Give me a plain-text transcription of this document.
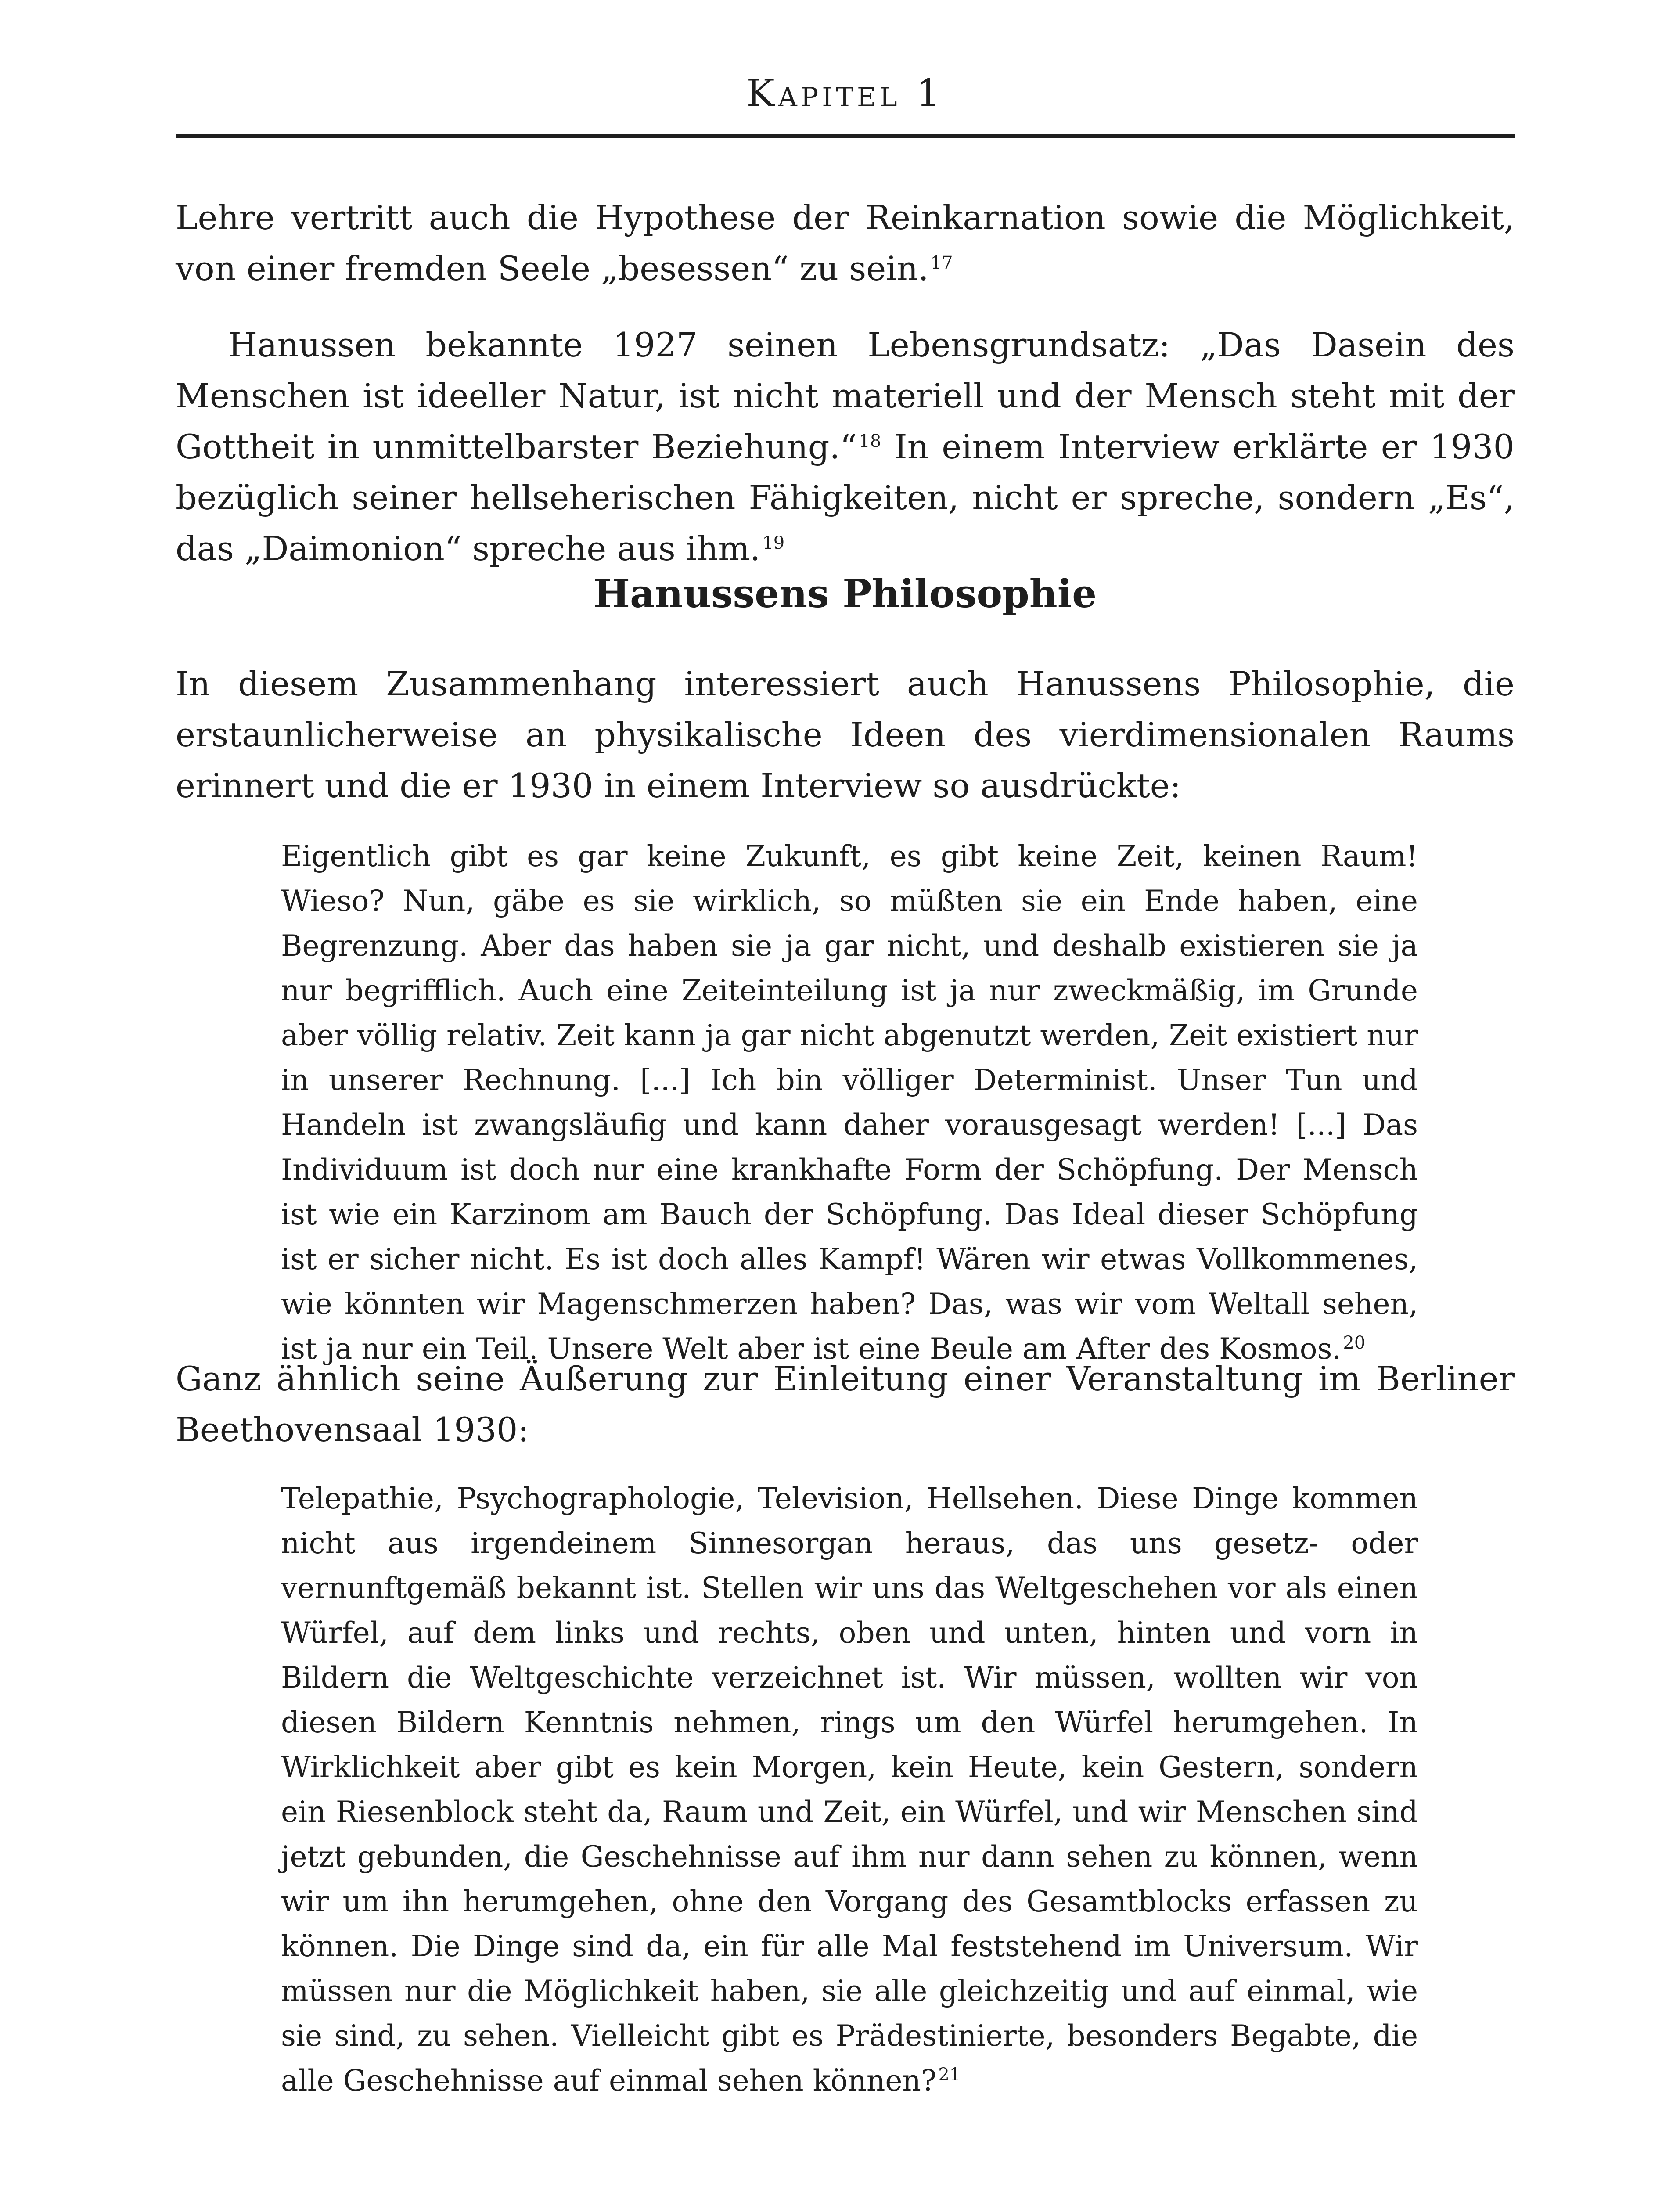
Kapitel 1

Lehre vertritt auch die Hypothese der Reinkarnation sowie die Möglichkeit, von einer fremden Seele „besessen“ zu sein. $^{17}$

Hanussen bekannte 1927 seinen Lebensgrundsatz: „Das Dasein des Menschen ist ideeller Natur, ist nicht materiell und der Mensch steht mit der Gottheit in unmittelbarster Beziehung.“ $^{18}$ In einem Interview erklärte er 1930 bezüglich seiner hellseherischen Fähigkeiten, nicht er spreche, sondern „Es“, das „Daimonion“ spreche aus ihm. $^{19}$

Hanussens Philosophie

In diesem Zusammenhang interessiert auch Hanussens Philosophie, die erstaunlicherweise an physikalische Ideen des vierdimensionalen Raums erinnert und die er 1930 in einem Interview so ausdrückte:

Eigentlich gibt es gar keine Zukunft, es gibt keine Zeit, keinen Raum! Wieso? Nun, gäbe es sie wirklich, so müßten sie ein Ende haben, eine Begrenzung. Aber das haben sie ja gar nicht, und deshalb existieren sie ja nur begrifflich. Auch eine Zeiteinteilung ist ja nur zweckmäßig, im Grunde aber völlig relativ. Zeit kann ja gar nicht abgenutzt werden, Zeit existiert nur in unserer Rechnung. [...] Ich bin völliger Determinist. Unser Tun und Handeln ist zwangsläufig und kann daher vorausgesagt werden! [...] Das Individuum ist doch nur eine krankhafte Form der Schöpfung. Der Mensch ist wie ein Karzinom am Bauch der Schöpfung. Das Ideal dieser Schöpfung ist er sicher nicht. Es ist doch alles Kampf! Wären wir etwas Vollkommenes, wie könnten wir Magenschmerzen haben? Das, was wir vom Weltall sehen, ist ja nur ein Teil. Unsere Welt aber ist eine Beule am After des Kosmos. $^{20}$

Ganz ähnlich seine Äußerung zur Einleitung einer Veranstaltung im Berliner Beethovensaal 1930:

Telepathie, Psychographologie, Television, Hellsehen. Diese Dinge kommen nicht aus irgendeinem Sinnesorgan heraus, das uns gesetz- oder vernunftgemäß bekannt ist. Stellen wir uns das Weltgeschehen vor als einen Würfel, auf dem links und rechts, oben und unten, hinten und vorn in Bildern die Weltgeschichte verzeichnet ist. Wir müssen, wollten wir von diesen Bildern Kenntnis nehmen, rings um den Würfel herumgehen. In Wirklichkeit aber gibt es kein Morgen, kein Heute, kein Gestern, sondern ein Riesenblock steht da, Raum und Zeit, ein Würfel, und wir Menschen sind jetzt gebunden, die Geschehnisse auf ihm nur dann sehen zu können, wenn wir um ihn herumgehen, ohne den Vorgang des Gesamtblocks erfassen zu können. Die Dinge sind da, ein für alle Mal feststehend im Universum. Wir müssen nur die Möglichkeit haben, sie alle gleichzeitig und auf einmal, wie sie sind, zu sehen. Vielleicht gibt es Prädestinierte, besonders Begabte, die alle Geschehnisse auf einmal sehen können? $^{21}$
